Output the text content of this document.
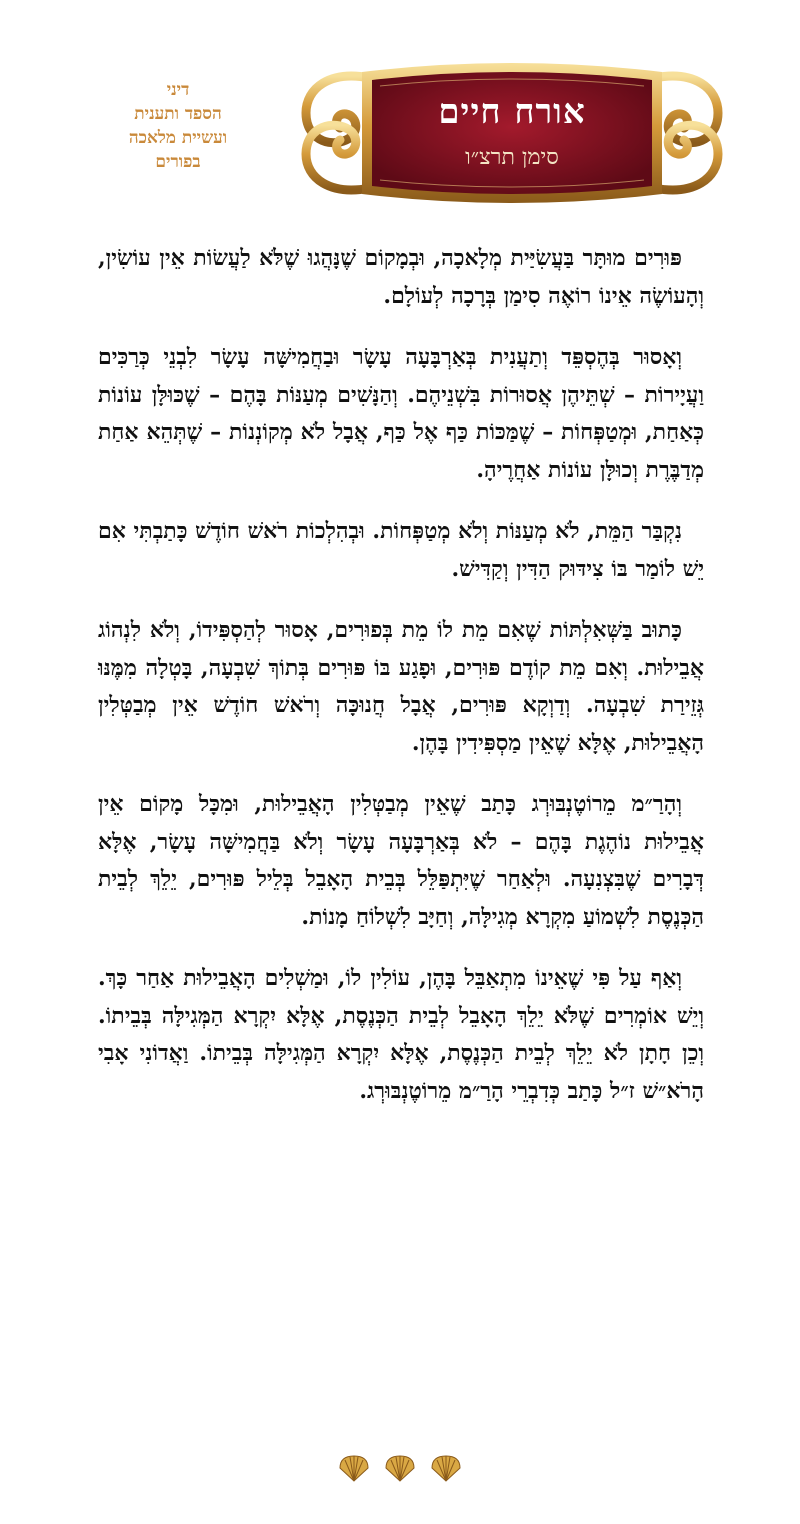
דיני
הספד ותענית
ועשיית מלאכה
בפורים
אורח חיים
סימן תרצ״ו

פּוּרִים מוּתָּר בַּעֲשִׂיַּית מְלָאכָה, וּבְמָקוֹם שֶׁנָּהֲגוּ שֶׁלֹּא לַעֲשׂוֹת אֵין עוֹשִׂין, וְהָעוֹשֶׂה אֵינוֹ רוֹאֶה סִימַן בְּרָכָה לְעוֹלָם.

וְאָסוּר בְּהֶסְפֵּד וְתַעֲנִית בְּאַרְבָּעָה עָשָׂר וּבַחֲמִישָּׁה עָשָׂר לִבְנֵי כְּרַכִּים וַעֲיָירוֹת – שְׁתֵּיהֶן אֲסוּרוֹת בִּשְׁנֵיהֶם. וְהַנָּשִׁים מְעַנּוֹת בָּהֶם – שֶׁכּוּלָּן עוֹנוֹת כְּאַחַת, וּמְטַפְּחוֹת – שֶׁמַּכּוֹת כַּף אֶל כַּף, אֲבָל לֹא מְקוֹנְנוֹת – שֶׁתְּהֵא אַחַת מְדַבֶּרֶת וְכוּלָּן עוֹנוֹת אַחֲרֶיהָ.

נִקְבַּר הַמֵּת, לֹא מְעַנּוֹת וְלֹא מְטַפְּחוֹת. וּבְהִלְכוֹת רֹאשׁ חוֹדֶשׁ כָּתַבְתִּי אִם יֵשׁ לוֹמַר בּוֹ צִידּוּק הַדִּין וְקַדִּישׁ.

כָּתוּב בַּשְּׁאִלְתּוֹת שֶׁאִם מֵת לוֹ מֵת בְּפוּרִים, אָסוּר לְהַסְפִּידוֹ, וְלֹא לִנְהוֹג אֲבֵילוּת. וְאִם מֵת קוֹדֶם פּוּרִים, וּפָגַע בּוֹ פּוּרִים בְּתוֹךְ שִׁבְעָה, בָּטְלָה מִמֶּנּוּ גְּזֵירַת שִׁבְעָה. וְדַוְקָא פּוּרִים, אֲבָל חֲנוּכָּה וְרֹאשׁ חוֹדֶשׁ אֵין מְבַטְּלִין הָאֲבֵילוּת, אֶלָּא שֶׁאֵין מַסְפִּידִין בָּהֶן.

וְהָרַ״מ מֵרוֹטֶנְבּוּרְג כָּתַב שֶׁאֵין מְבַטְּלִין הָאֲבֵילוּת, וּמִכָּל מָקוֹם אֵין אֲבֵילוּת נוֹהֶגֶת בָּהֶם – לֹא בְּאַרְבָּעָה עָשָׂר וְלֹא בַּחֲמִישָּׁה עָשָׂר, אֶלָּא דְּבָרִים שֶׁבִּצְנִעָה. וּלְאַחַר שֶׁיִּתְפַּלֵּל בְּבֵית הָאָבֵל בְּלֵיל פּוּרִים, יֵלֵךְ לְבֵית הַכְּנֶסֶת לִשְׁמוֹעַ מִקְרָא מְגִילָּה, וְחַיָּב לִשְׁלוֹחַ מָנוֹת.

וְאַף עַל פִּי שֶׁאֵינוֹ מִתְאַבֵּל בָּהֶן, עוֹלִין לוֹ, וּמַשְׁלִים הָאֲבֵילוּת אַחַר כָּךְ. וְיֵשׁ אוֹמְרִים שֶׁלֹּא יֵלֵךְ הָאָבֵל לְבֵית הַכְּנֶסֶת, אֶלָּא יִקְרָא הַמְּגִילָּה בְּבֵיתוֹ. וְכֵן חָתָן לֹא יֵלֵךְ לְבֵית הַכְּנֶסֶת, אֶלָּא יִקְרָא הַמְּגִילָּה בְּבֵיתוֹ. וַאֲדוֹנִי אָבִי הָרֹא״שׁ ז״ל כָּתַב כְּדִבְרֵי הָרַ״מ מֵרוֹטֶנְבּוּרְג.
